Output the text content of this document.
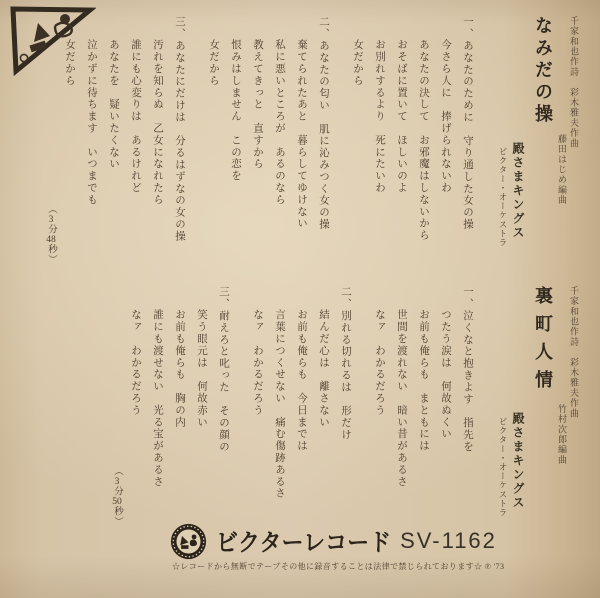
千家和也作詩　彩木雅夫作曲

藤田はじめ編曲

なみだの操

殿さまキングス

ビクター・オーケストラ

一、あなたのために　守り通した女の操

今さら人に　捧げられないわ

あなたの決して　お邪魔はしないから

おそばに置いて　ほしいのよ

お別れするより　死にたいわ

女だから

二、あなたの匂い　肌に沁みつく女の操

棄てられたあと　暮らしてゆけない

私に悪いところが　あるのなら

教えてきっと　直すから

恨みはしません　この恋を

女だから

三、あなたにだけは　分るはずなの女の操

汚れを知らぬ　乙女になれたら

誰にも心変りは　あるけれど

あなたを　疑いたくない

泣かずに待ちます　いつまでも

女だから

（3分48秒）

千家和也作詩　彩木雅夫作曲

竹村次郎編曲

裏町人情

殿さまキングス

ビクター・オーケストラ

一、泣くなと抱きよす　指先を

つたう涙は　何故ぬくい

お前も俺らも　まともには

世間を渡れない　暗い昔があるさ

なァ　わかるだろう

二、別れる切れるは　形だけ

結んだ心は　離さない

お前も俺らも　今日までは

言葉につくせない　痛む傷跡あるさ

なァ　わかるだろう

三、耐えろと叱った　その顔の

笑う眼元は　何故赤い

お前も俺らも　胸の内

誰にも渡せない　光る宝があるさ

なァ　わかるだろう

（3分50秒）

ビクターレコード SV-1162

☆レコードから無断でテープその他に録音することは法律で禁じられております☆ ℗ '73
